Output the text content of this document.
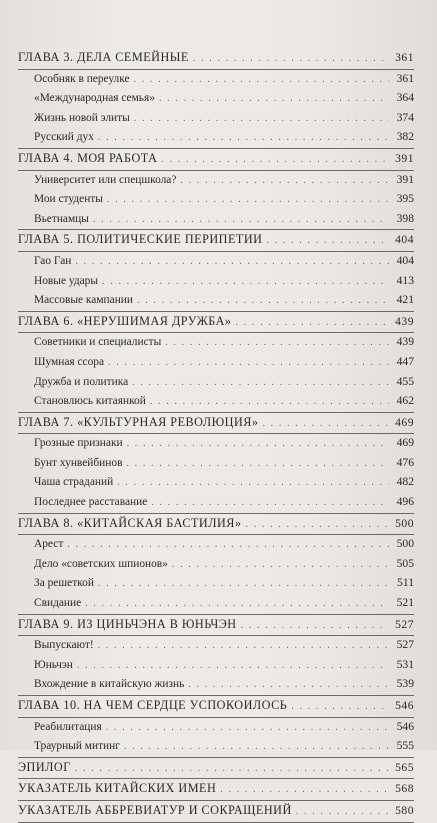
ГЛАВА 3. ДЕЛА СЕМЕЙНЫЕ . . .	361
Особняк в переулке . . .	361
«Международная семья» . . .	364
Жизнь новой элиты . . .	374
Русский дух . . .	382
ГЛАВА 4. МОЯ РАБОТА . . .	391
Университет или спецшкола? . . .	391
Мои студенты . . .	395
Вьетнамцы . . .	398
ГЛАВА 5. ПОЛИТИЧЕСКИЕ ПЕРИПЕТИИ . . .	404
Гао Ган . . .	404
Новые удары . . .	413
Массовые кампании . . .	421
ГЛАВА 6. «НЕРУШИМАЯ ДРУЖБА» . . .	439
Советники и специалисты . . .	439
Шумная ссора . . .	447
Дружба и политика . . .	455
Становлюсь китаянкой . . .	462
ГЛАВА 7. «КУЛЬТУРНАЯ РЕВОЛЮЦИЯ» . . .	469
Грозные признаки . . .	469
Бунт хунвейбинов . . .	476
Чаша страданий . . .	482
Последнее расставание . . .	496
ГЛАВА 8. «КИТАЙСКАЯ БАСТИЛИЯ» . . .	500
Арест . . .	500
Дело «советских шпионов» . . .	505
За решеткой . . .	511
Свидание . . .	521
ГЛАВА 9. ИЗ ЦИНЬЧЭНА В ЮНЬЧЭН . . .	527
Выпускают! . . .	527
Юньчэн . . .	531
Вхождение в китайскую жизнь . . .	539
ГЛАВА 10. НА ЧЕМ СЕРДЦЕ УСПОКОИЛОСЬ . . .	546
Реабилитация . . .	546
Траурный митинг . . .	555
ЭПИЛОГ . . .	565
УКАЗАТЕЛЬ КИТАЙСКИХ ИМЕН . . .	568
УКАЗАТЕЛЬ АББРЕВИАТУР И СОКРАЩЕНИЙ . . .	580
